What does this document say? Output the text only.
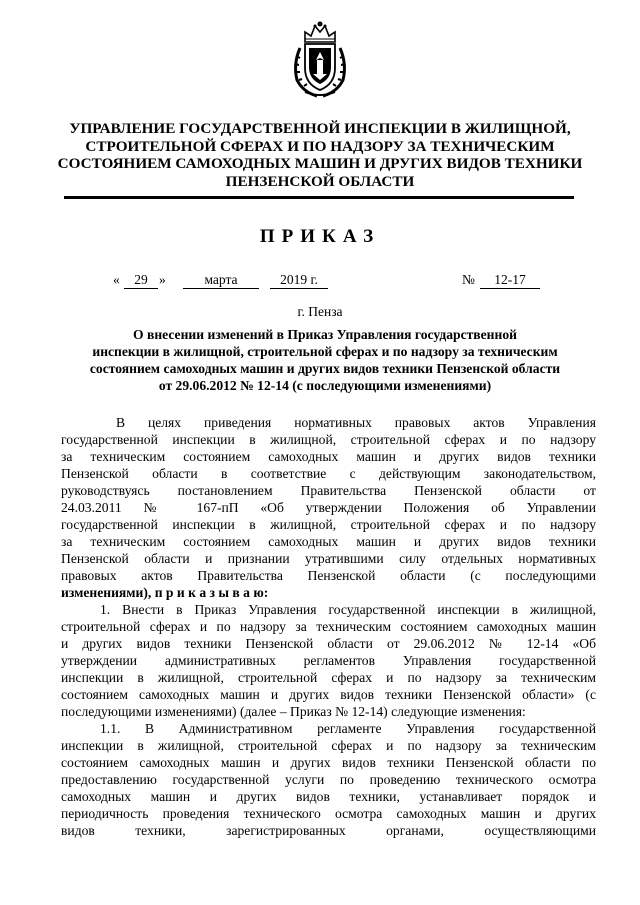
УПРАВЛЕНИЕ ГОСУДАРСТВЕННОЙ ИНСПЕКЦИИ В ЖИЛИЩНОЙ,
СТРОИТЕЛЬНОЙ СФЕРАХ И ПО НАДЗОРУ ЗА ТЕХНИЧЕСКИМ
СОСТОЯНИЕМ САМОХОДНЫХ МАШИН И ДРУГИХ ВИДОВ ТЕХНИКИ
ПЕНЗЕНСКОЙ ОБЛАСТИ
ПРИКАЗ
«	29 »	марта	2019 г.	№	12-17
г. Пенза
О внесении изменений в Приказ Управления государственной
инспекции в жилищной, строительной сферах и по надзору за техническим
состоянием самоходных машин и других видов техники Пензенской области
от 29.06.2012 № 12-14 (с последующими изменениями)
В целях приведения нормативных правовых актов Управления
государственной инспекции в жилищной, строительной сферах и по надзору
за техническим состоянием самоходных машин и других видов техники
Пензенской области в соответствие с действующим законодательством,
руководствуясь постановлением Правительства Пензенской области от
24.03.2011 № 167-пП «Об утверждении Положения об Управлении
государственной инспекции в жилищной, строительной сферах и по надзору
за техническим состоянием самоходных машин и других видов техники
Пензенской области и признании утратившими силу отдельных нормативных
правовых актов Правительства Пензенской области (с последующими
изменениями), п р и к а з ы в а ю:
1. Внести в Приказ Управления государственной инспекции в жилищной,
строительной сферах и по надзору за техническим состоянием самоходных машин
и других видов техники Пензенской области от 29.06.2012 № 12-14 «Об
утверждении административных регламентов Управления государственной
инспекции в жилищной, строительной сферах и по надзору за техническим
состоянием самоходных машин и других видов техники Пензенской области» (с
последующими изменениями) (далее – Приказ № 12-14) следующие изменения:
1.1. В Административном регламенте Управления государственной
инспекции в жилищной, строительной сферах и по надзору за техническим
состоянием самоходных машин и других видов техники Пензенской области по
предоставлению государственной услуги по проведению технического осмотра
самоходных машин и других видов техники, устанавливает порядок и
периодичность проведения технического осмотра самоходных машин и других
видов техники, зарегистрированных органами, осуществляющими
